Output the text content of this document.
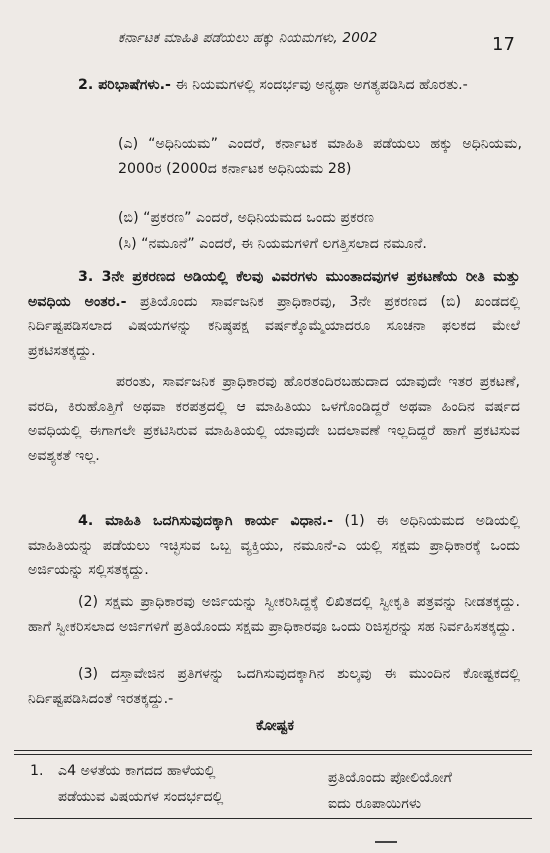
ಕರ್ನಾಟಕ ಮಾಹಿತಿ ಪಡೆಯಲು ಹಕ್ಕು ನಿಯಮಗಳು, 2002	17

2. ಪರಿಭಾಷೆಗಳು.- ಈ ನಿಯಮಗಳಲ್ಲಿ ಸಂದರ್ಭವು ಅನ್ಯಥಾ ಅಗತ್ಯಪಡಿಸಿದ ಹೊರತು.-

(ಎ) “ಅಧಿನಿಯಮ” ಎಂದರೆ, ಕರ್ನಾಟಕ ಮಾಹಿತಿ ಪಡೆಯಲು ಹಕ್ಕು ಅಧಿನಿಯಮ, 2000ರ (2000ದ ಕರ್ನಾಟಕ ಅಧಿನಿಯಮ 28)

(ಬಿ) “ಪ್ರಕರಣ” ಎಂದರೆ, ಅಧಿನಿಯಮದ ಒಂದು ಪ್ರಕರಣ

(ಸಿ) “ನಮೂನೆ” ಎಂದರೆ, ಈ ನಿಯಮಗಳಿಗೆ ಲಗತ್ತಿಸಲಾದ ನಮೂನೆ.

3. 3ನೇ ಪ್ರಕರಣದ ಅಡಿಯಲ್ಲಿ ಕೆಲವು ವಿವರಗಳು ಮುಂತಾದವುಗಳ ಪ್ರಕಟಣೆಯ ರೀತಿ ಮತ್ತು ಅವಧಿಯ ಅಂತರ.- ಪ್ರತಿಯೊಂದು ಸಾರ್ವಜನಿಕ ಪ್ರಾಧಿಕಾರವು, 3ನೇ ಪ್ರಕರಣದ (ಬಿ) ಖಂಡದಲ್ಲಿ ನಿರ್ದಿಷ್ಟಪಡಿಸಲಾದ ವಿಷಯಗಳನ್ನು ಕನಿಷ್ಠಪಕ್ಷ ವರ್ಷಕ್ಕೊಮ್ಮೆಯಾದರೂ ಸೂಚನಾ ಫಲಕದ ಮೇಲೆ ಪ್ರಕಟಿಸತಕ್ಕದ್ದು.

ಪರಂತು, ಸಾರ್ವಜನಿಕ ಪ್ರಾಧಿಕಾರವು ಹೊರತಂದಿರಬಹುದಾದ ಯಾವುದೇ ಇತರ ಪ್ರಕಟಣೆ, ವರದಿ, ಕಿರುಹೊತ್ತಿಗೆ ಅಥವಾ ಕರಪತ್ರದಲ್ಲಿ ಆ ಮಾಹಿತಿಯು ಒಳಗೊಂಡಿದ್ದರೆ ಅಥವಾ ಹಿಂದಿನ ವರ್ಷದ ಅವಧಿಯಲ್ಲಿ ಈಗಾಗಲೇ ಪ್ರಕಟಿಸಿರುವ ಮಾಹಿತಿಯಲ್ಲಿ ಯಾವುದೇ ಬದಲಾವಣೆ ಇಲ್ಲದಿದ್ದರೆ ಹಾಗೆ ಪ್ರಕಟಿಸುವ ಅವಶ್ಯಕತೆ ಇಲ್ಲ.

4. ಮಾಹಿತಿ ಒದಗಿಸುವುದಕ್ಕಾಗಿ ಕಾರ್ಯ ವಿಧಾನ.- (1) ಈ ಅಧಿನಿಯಮದ ಅಡಿಯಲ್ಲಿ ಮಾಹಿತಿಯನ್ನು ಪಡೆಯಲು ಇಚ್ಛಿಸುವ ಒಬ್ಬ ವ್ಯಕ್ತಿಯು, ನಮೂನೆ-ಎ ಯಲ್ಲಿ ಸಕ್ಷಮ ಪ್ರಾಧಿಕಾರಕ್ಕೆ ಒಂದು ಅರ್ಜಿಯನ್ನು ಸಲ್ಲಿಸತಕ್ಕದ್ದು.

(2) ಸಕ್ಷಮ ಪ್ರಾಧಿಕಾರವು ಅರ್ಜಿಯನ್ನು ಸ್ವೀಕರಿಸಿದ್ದಕ್ಕೆ ಲಿಖಿತದಲ್ಲಿ ಸ್ವೀಕೃತಿ ಪತ್ರವನ್ನು ನೀಡತಕ್ಕದ್ದು. ಹಾಗೆ ಸ್ವೀಕರಿಸಲಾದ ಅರ್ಜಿಗಳಿಗೆ ಪ್ರತಿಯೊಂದು ಸಕ್ಷಮ ಪ್ರಾಧಿಕಾರವೂ ಒಂದು ರಿಜಿಸ್ಟರನ್ನು ಸಹ ನಿರ್ವಹಿಸತಕ್ಕದ್ದು.

(3) ದಸ್ತಾವೇಜಿನ ಪ್ರತಿಗಳನ್ನು ಒದಗಿಸುವುದಕ್ಕಾಗಿನ ಶುಲ್ಕವು ಈ ಮುಂದಿನ ಕೋಷ್ಟಕದಲ್ಲಿ ನಿರ್ದಿಷ್ಟಪಡಿಸಿದಂತೆ ಇರತಕ್ಕದ್ದು.-

ಕೋಷ್ಟಕ
1. ಎ4 ಅಳತೆಯ ಕಾಗದದ ಹಾಳೆಯಲ್ಲಿ
ಪಡೆಯುವ ವಿಷಯಗಳ ಸಂದರ್ಭದಲ್ಲಿ
ಪ್ರತಿಯೊಂದು ಪೋಲಿಯೋಗೆ
ಐದು ರೂಪಾಯಿಗಳು
